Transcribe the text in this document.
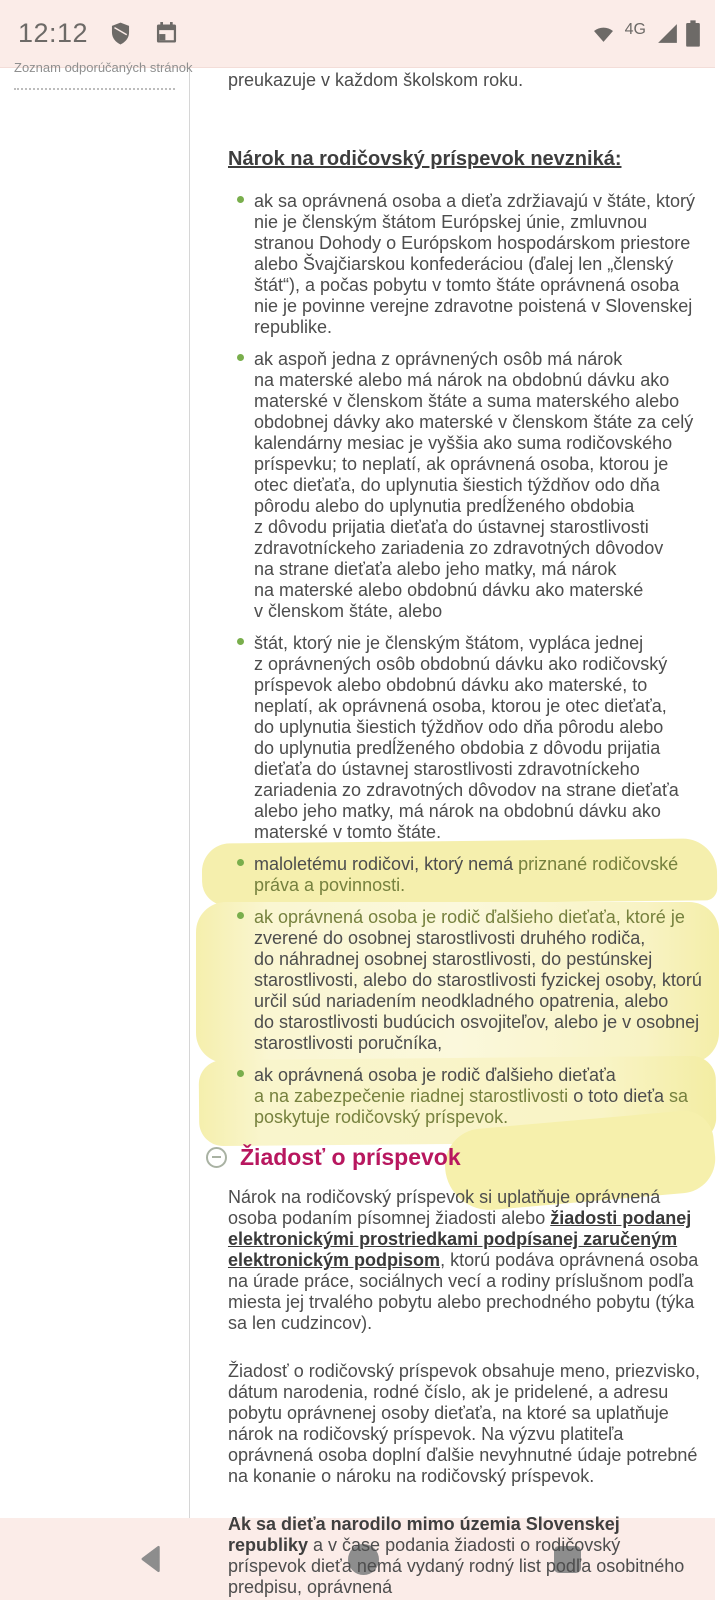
12:12	4G
Zoznam odporúčaných stránok

preukazuje v každom školskom roku.

Nárok na rodičovský príspevok nevzniká:
ak sa oprávnená osoba a dieťa zdržiavajú v štáte, ktorý nie je členským štátom Európskej únie, zmluvnou stranou Dohody o Európskom hospodárskom priestore alebo Švajčiarskou konfederáciou (ďalej len „členský štát“), a počas pobytu v tomto štáte oprávnená osoba nie je povinne verejne zdravotne poistená v Slovenskej republike.
ak aspoň jedna z oprávnených osôb má nárok na materské alebo má nárok na obdobnú dávku ako materské v členskom štáte a suma materského alebo obdobnej dávky ako materské v členskom štáte za celý kalendárny mesiac je vyššia ako suma rodičovského príspevku; to neplatí, ak oprávnená osoba, ktorou je otec dieťaťa, do uplynutia šiestich týždňov odo dňa pôrodu alebo do uplynutia predĺženého obdobia z dôvodu prijatia dieťaťa do ústavnej starostlivosti zdravotníckeho zariadenia zo zdravotných dôvodov na strane dieťaťa alebo jeho matky, má nárok na materské alebo obdobnú dávku ako materské v členskom štáte, alebo
štát, ktorý nie je členským štátom, vypláca jednej z oprávnených osôb obdobnú dávku ako rodičovský príspevok alebo obdobnú dávku ako materské, to neplatí, ak oprávnená osoba, ktorou je otec dieťaťa, do uplynutia šiestich týždňov odo dňa pôrodu alebo do uplynutia predĺženého obdobia z dôvodu prijatia dieťaťa do ústavnej starostlivosti zdravotníckeho zariadenia zo zdravotných dôvodov na strane dieťaťa alebo jeho matky, má nárok na obdobnú dávku ako materské v tomto štáte.
maloletému rodičovi, ktorý nemá priznané rodičovské práva a povinnosti.
ak oprávnená osoba je rodič ďalšieho dieťaťa, ktoré je zverené do osobnej starostlivosti druhého rodiča, do náhradnej osobnej starostlivosti, do pestúnskej starostlivosti, alebo do starostlivosti fyzickej osoby, ktorú určil súd nariadením neodkladného opatrenia, alebo do starostlivosti budúcich osvojiteľov, alebo je v osobnej starostlivosti poručníka,
ak oprávnená osoba je rodič ďalšieho dieťaťa a na zabezpečenie riadnej starostlivosti o toto dieťa sa poskytuje rodičovský príspevok.
Žiadosť o príspevok

Nárok na rodičovský príspevok si uplatňuje oprávnená osoba podaním písomnej žiadosti alebo žiadosti podanej elektronickými prostriedkami podpísanej zaručeným elektronickým podpisom, ktorú podáva oprávnená osoba na úrade práce, sociálnych vecí a rodiny príslušnom podľa miesta jej trvalého pobytu alebo prechodného pobytu (týka sa len cudzincov).

Žiadosť o rodičovský príspevok obsahuje meno, priezvisko, dátum narodenia, rodné číslo, ak je pridelené, a adresu pobytu oprávnenej osoby dieťaťa, na ktoré sa uplatňuje nárok na rodičovský príspevok. Na výzvu platiteľa oprávnená osoba doplní ďalšie nevyhnutné údaje potrebné na konanie o nároku na rodičovský príspevok.

Ak sa dieťa narodilo mimo územia Slovenskej republiky a v čase podania žiadosti o rodičovský príspevok dieťa nemá vydaný rodný list podľa osobitného predpisu, oprávnená
